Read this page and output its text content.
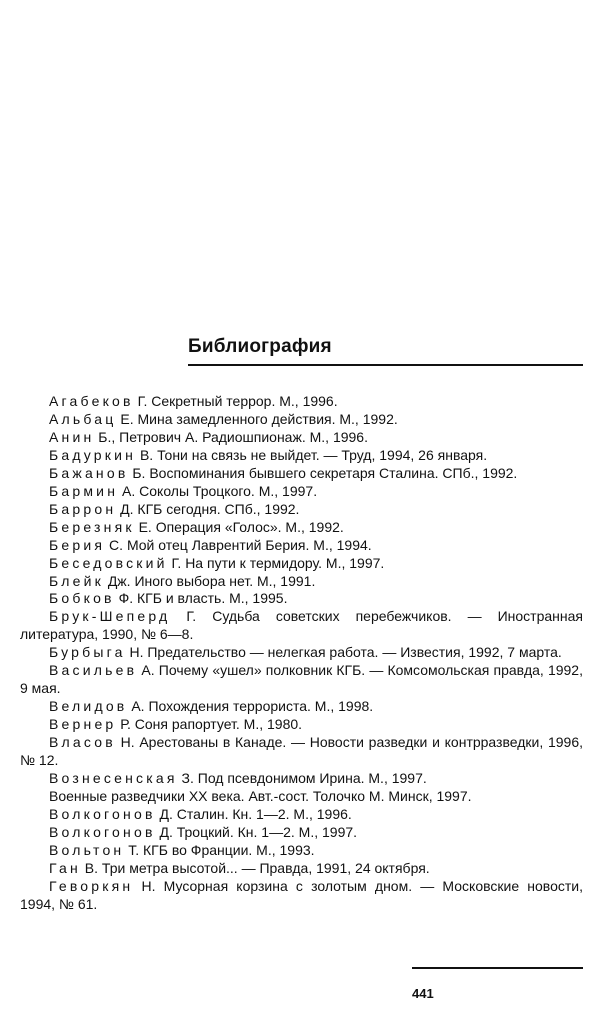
Библиография

Агабеков Г. Секретный террор. М., 1996.

Альбац Е. Мина замедленного действия. М., 1992.

Анин Б., Петрович А. Радиошпионаж. М., 1996.

Бадуркин В. Тони на связь не выйдет. — Труд, 1994, 26 января.

Бажанов Б. Воспоминания бывшего секретаря Сталина. СПб., 1992.

Бармин А. Соколы Троцкого. М., 1997.

Баррон Д. КГБ сегодня. СПб., 1992.

Березняк Е. Операция «Голос». М., 1992.

Берия С. Мой отец Лаврентий Берия. М., 1994.

Беседовский Г. На пути к термидору. М., 1997.

Блейк Дж. Иного выбора нет. М., 1991.

Бобков Ф. КГБ и власть. М., 1995.

Брук-Шеперд Г. Судьба советских перебежчиков. — Иностранная литература, 1990, № 6—8.

Бурбыга Н. Предательство — нелегкая работа. — Известия, 1992, 7 марта.

Васильев А. Почему «ушел» полковник КГБ. — Комсомольская правда, 1992, 9 мая.

Велидов А. Похождения террориста. М., 1998.

Вернер Р. Соня рапортует. М., 1980.

Власов Н. Арестованы в Канаде. — Новости разведки и контрразведки, 1996, № 12.

Вознесенская З. Под псевдонимом Ирина. М., 1997.

Военные разведчики XX века. Авт.-сост. Толочко М. Минск, 1997.

Волкогонов Д. Сталин. Кн. 1—2. М., 1996.

Волкогонов Д. Троцкий. Кн. 1—2. М., 1997.

Вольтон Т. КГБ во Франции. М., 1993.

Ган В. Три метра высотой... — Правда, 1991, 24 октября.

Геворкян Н. Мусорная корзина с золотым дном. — Московские новости, 1994, № 61.

441
